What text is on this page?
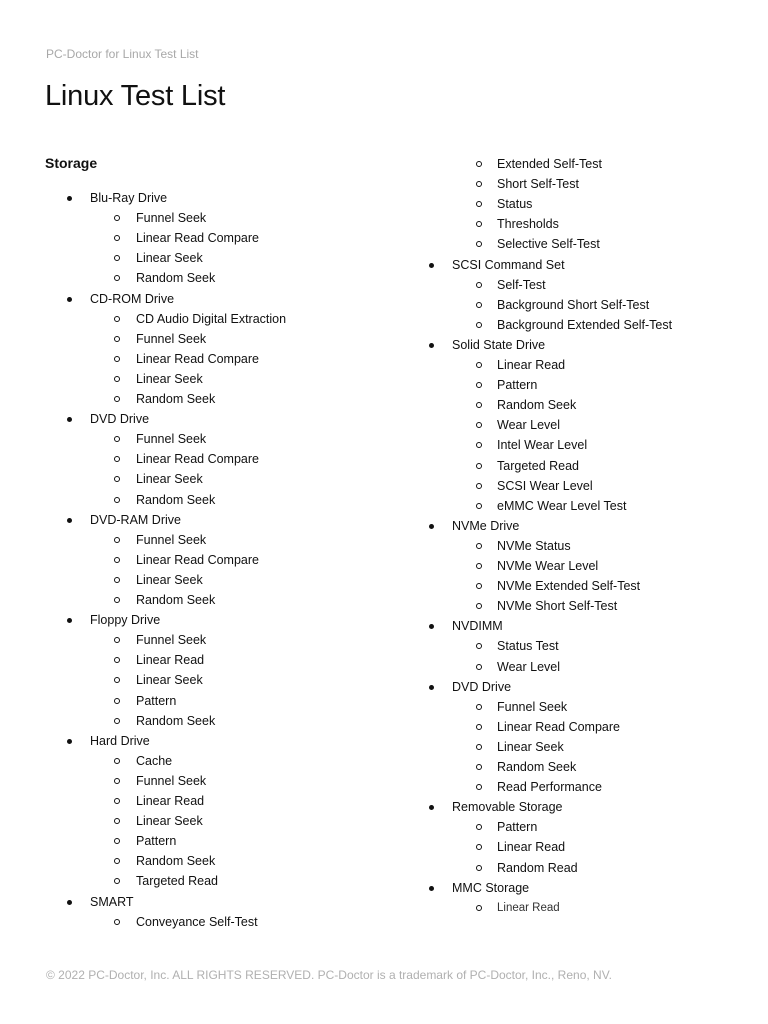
PC-Doctor for Linux Test List
Linux Test List
Storage
Blu-Ray Drive
Funnel Seek
Linear Read Compare
Linear Seek
Random Seek
CD-ROM Drive
CD Audio Digital Extraction
Funnel Seek
Linear Read Compare
Linear Seek
Random Seek
DVD Drive
Funnel Seek
Linear Read Compare
Linear Seek
Random Seek
DVD-RAM Drive
Funnel Seek
Linear Read Compare
Linear Seek
Random Seek
Floppy Drive
Funnel Seek
Linear Read
Linear Seek
Pattern
Random Seek
Hard Drive
Cache
Funnel Seek
Linear Read
Linear Seek
Pattern
Random Seek
Targeted Read
SMART
Conveyance Self-Test
Extended Self-Test
Short Self-Test
Status
Thresholds
Selective Self-Test
SCSI Command Set
Self-Test
Background Short Self-Test
Background Extended Self-Test
Solid State Drive
Linear Read
Pattern
Random Seek
Wear Level
Intel Wear Level
Targeted Read
SCSI Wear Level
eMMC Wear Level Test
NVMe Drive
NVMe Status
NVMe Wear Level
NVMe Extended Self-Test
NVMe Short Self-Test
NVDIMM
Status Test
Wear Level
DVD Drive
Funnel Seek
Linear Read Compare
Linear Seek
Random Seek
Read Performance
Removable Storage
Pattern
Linear Read
Random Read
MMC Storage
Linear Read
© 2022 PC-Doctor, Inc. ALL RIGHTS RESERVED. PC-Doctor is a trademark of PC-Doctor, Inc., Reno, NV.
